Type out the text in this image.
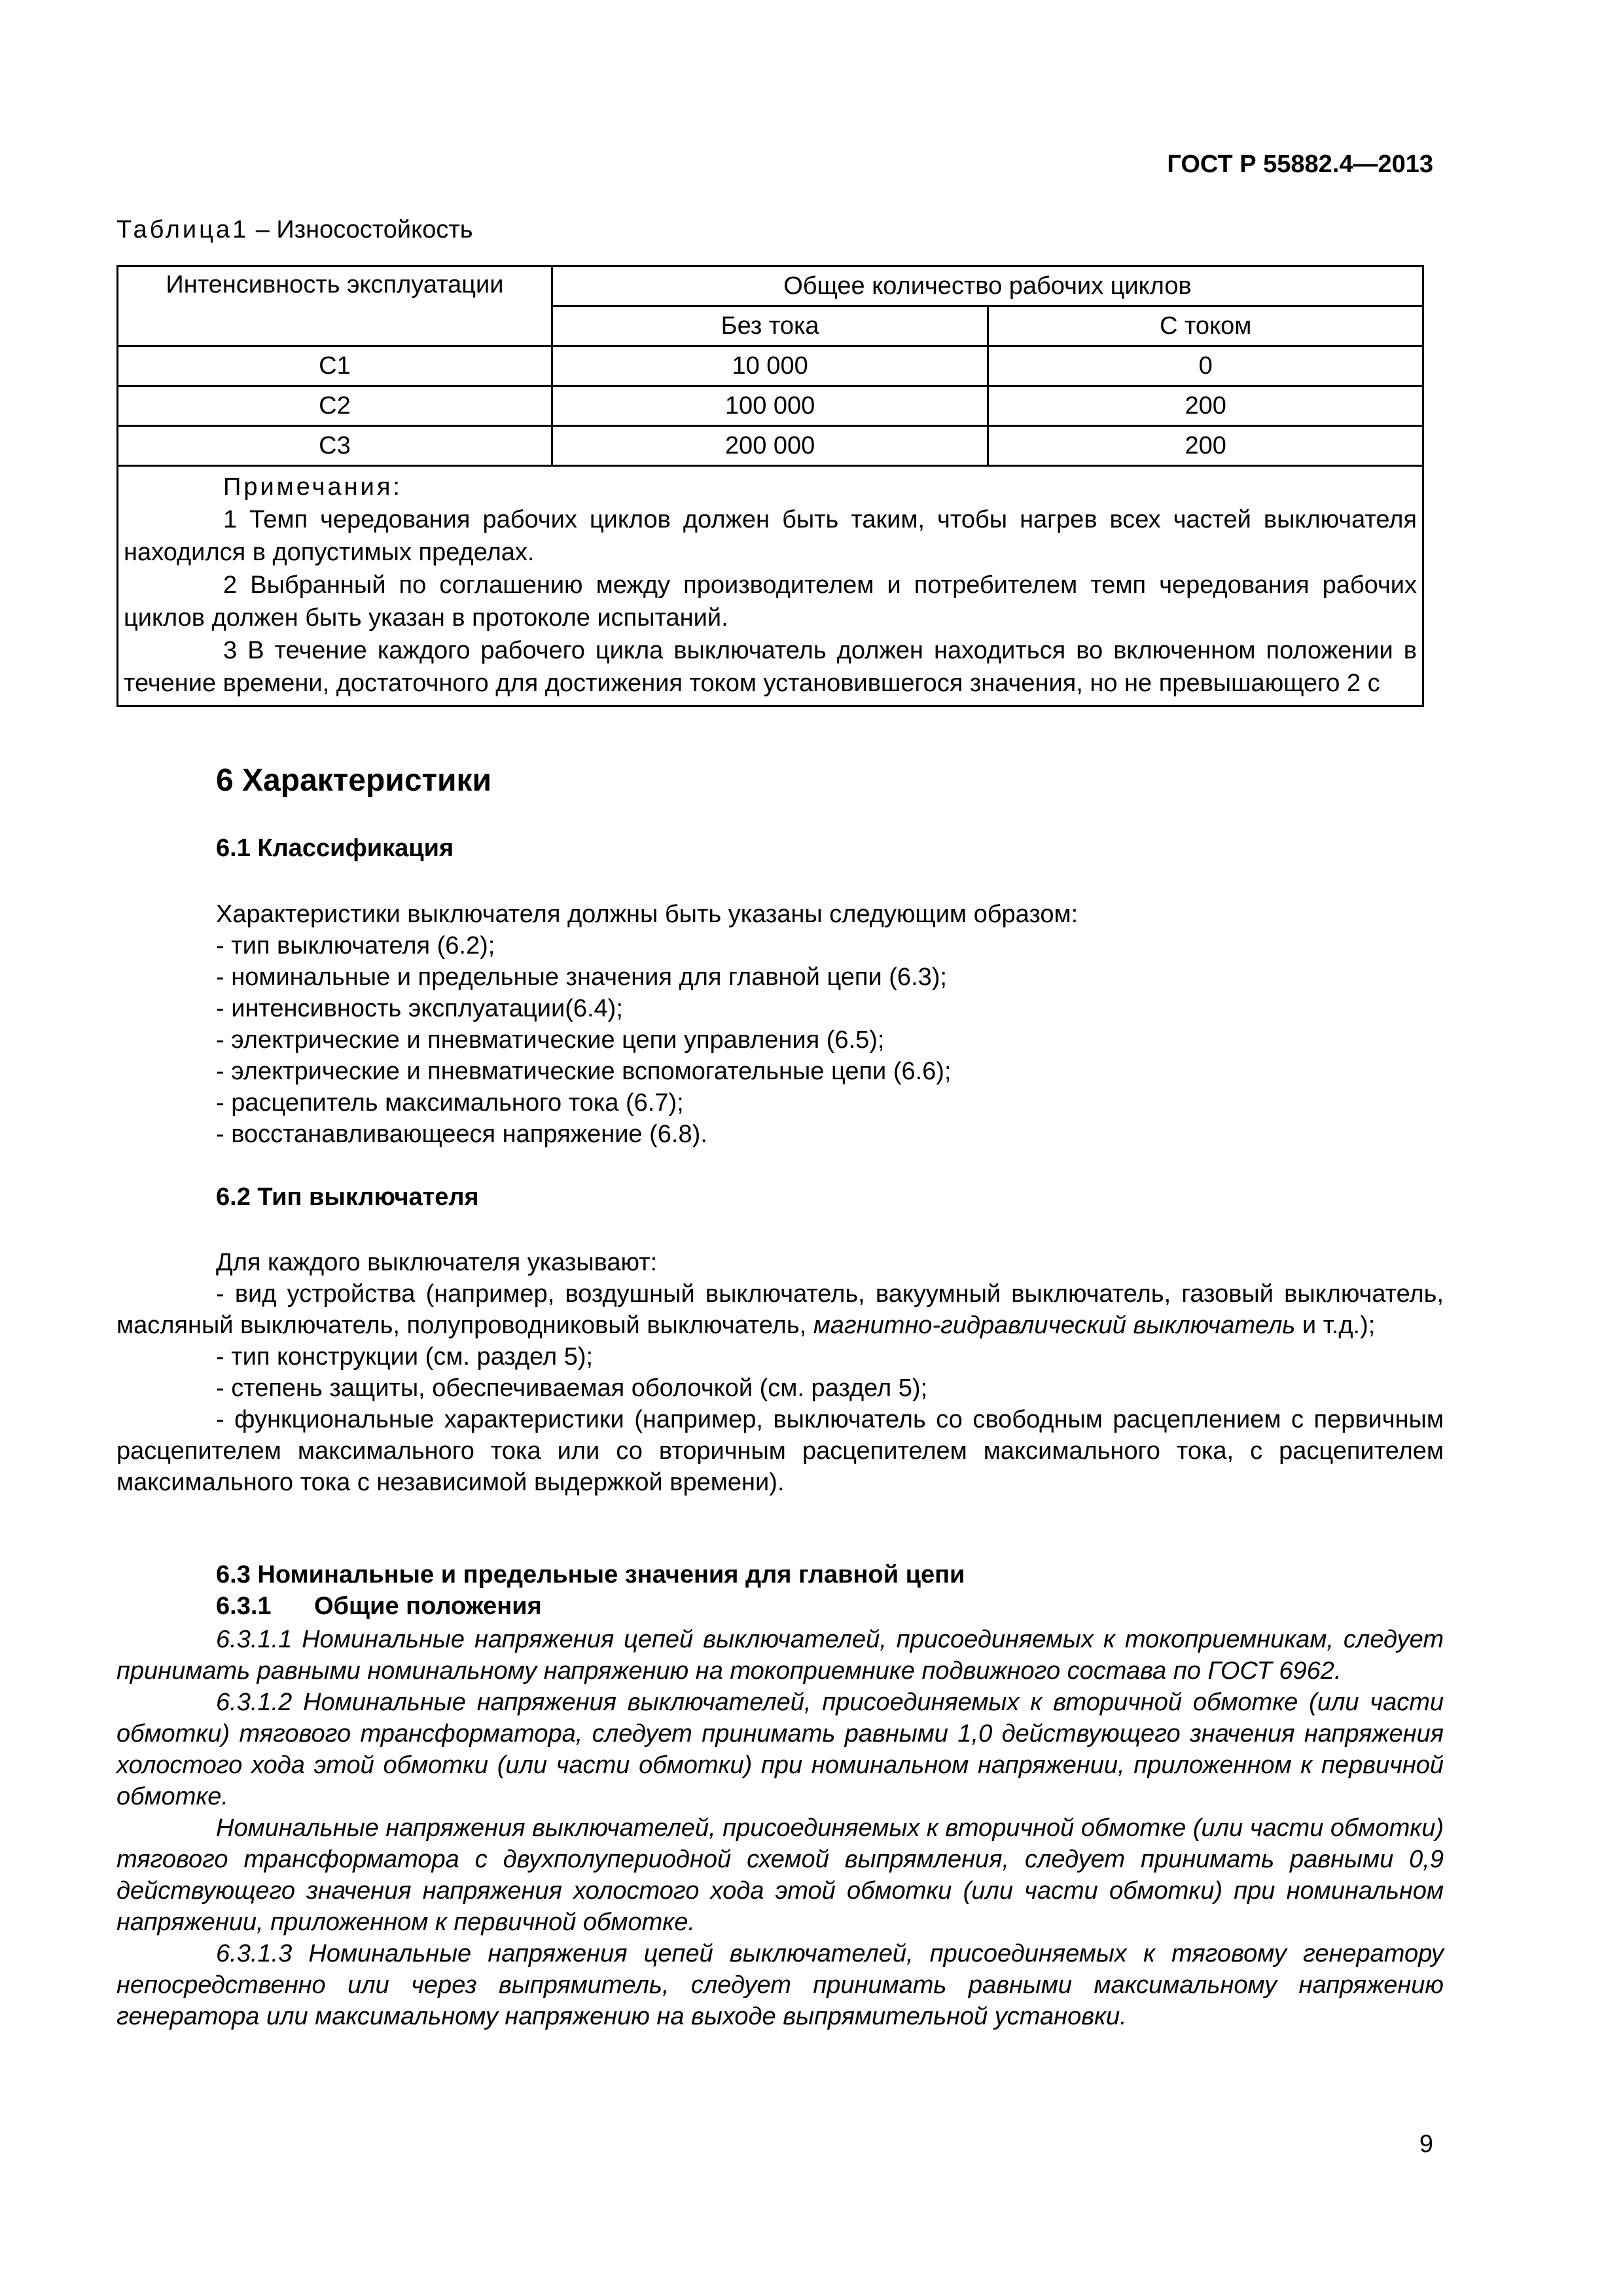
ГОСТ Р 55882.4—2013
Таблица1 – Износостойкость
Интенсивность эксплуатации	Общее количество рабочих циклов	
	Без тока	С током
С1	10 000	0
С2	100 000	200
С3	200 000	200

Примечания:
1 Темп чередования рабочих циклов должен быть таким, чтобы нагрев всех частей выключателя находился в допустимых пределах.
2 Выбранный по соглашению между производителем и потребителем темп чередования рабочих циклов должен быть указан в протоколе испытаний.
3 В течение каждого рабочего цикла выключатель должен находиться во включенном положении в течение времени, достаточного для достижения током установившегося значения, но не превышающего 2 с		
6 Характеристики
6.1 Классификация
Характеристики выключателя должны быть указаны следующим образом:
- тип выключателя (6.2);
- номинальные и предельные значения для главной цепи (6.3);
- интенсивность эксплуатации(6.4);
- электрические и пневматические цепи управления (6.5);
- электрические и пневматические вспомогательные цепи (6.6);
- расцепитель максимального тока (6.7);
- восстанавливающееся напряжение (6.8).
6.2 Тип выключателя
Для каждого выключателя указывают:
- вид устройства (например, воздушный выключатель, вакуумный выключатель, газовый выключатель, масляный выключатель, полупроводниковый выключатель, магнитно-гидравлический выключатель и т.д.);
- тип конструкции (см. раздел 5);
- степень защиты, обеспечиваемая оболочкой (см. раздел 5);
- функциональные характеристики (например, выключатель со свободным расцеплением с первичным расцепителем максимального тока или со вторичным расцепителем максимального тока, с расцепителем максимального тока с независимой выдержкой времени).
6.3 Номинальные и предельные значения для главной цепи
6.3.1 Общие положения
6.3.1.1 Номинальные напряжения цепей выключателей, присоединяемых к токоприемникам, следует принимать равными номинальному напряжению на токоприемнике подвижного состава по ГОСТ 6962.
6.3.1.2 Номинальные напряжения выключателей, присоединяемых к вторичной обмотке (или части обмотки) тягового трансформатора, следует принимать равными 1,0 действующего значения напряжения холостого хода этой обмотки (или части обмотки) при номинальном напряжении, приложенном к первичной обмотке.
Номинальные напряжения выключателей, присоединяемых к вторичной обмотке (или части обмотки) тягового трансформатора с двухполупериодной схемой выпрямления, следует принимать равными 0,9 действующего значения напряжения холостого хода этой обмотки (или части обмотки) при номинальном напряжении, приложенном к первичной обмотке.
6.3.1.3 Номинальные напряжения цепей выключателей, присоединяемых к тяговому генератору непосредственно или через выпрямитель, следует принимать равными максимальному напряжению генератора или максимальному напряжению на выходе выпрямительной установки.
9
